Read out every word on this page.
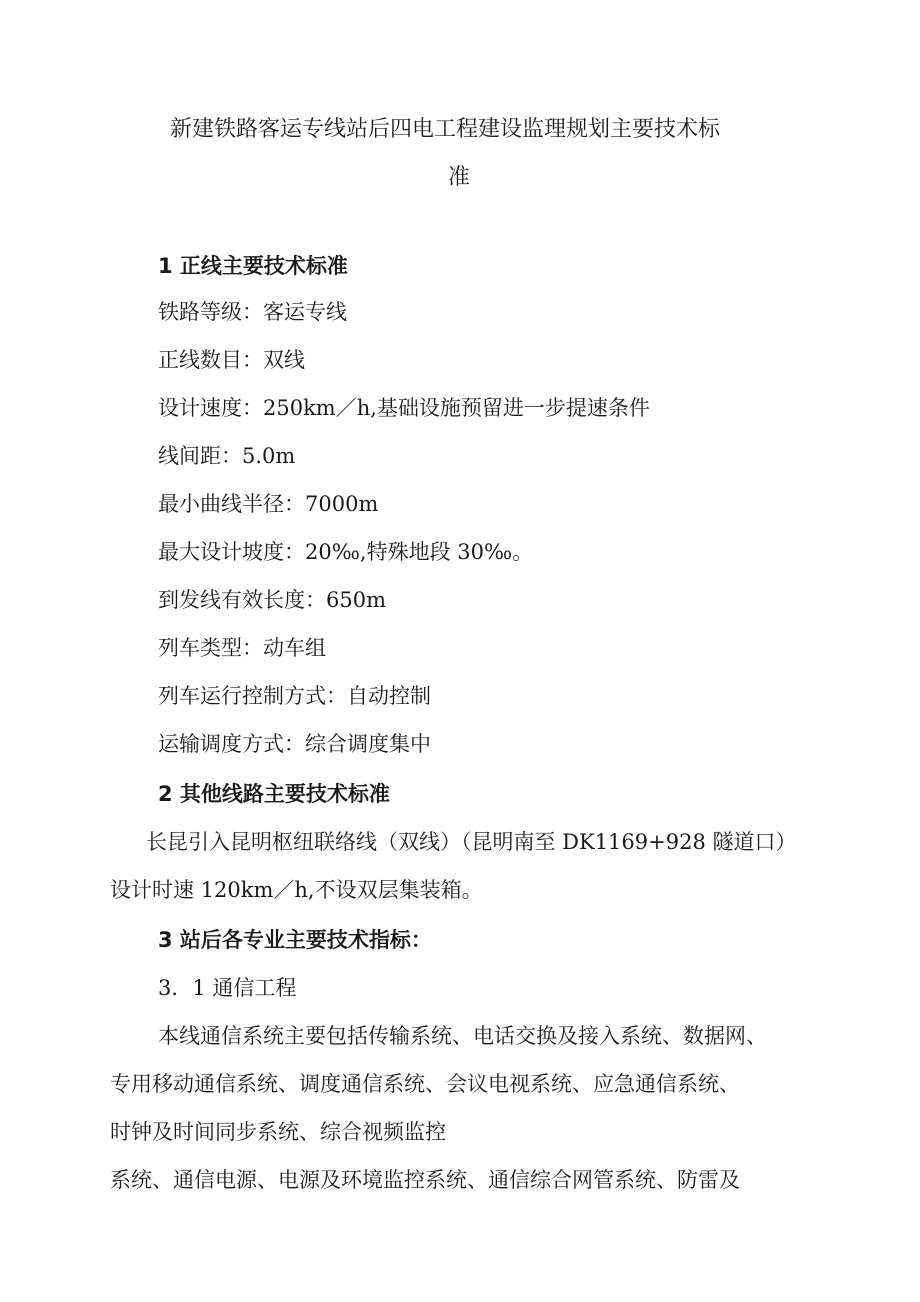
新建铁路客运专线站后四电工程建设监理规划主要技术标
准
1 正线主要技术标准
铁路等级：客运专线
正线数目：双线
设计速度：250km／h,基础设施预留进一步提速条件
线间距：5.0m
最小曲线半径：7000m
最大设计坡度：20‰,特殊地段 30‰。
到发线有效长度：650m
列车类型：动车组
列车运行控制方式：自动控制
运输调度方式：综合调度集中
2 其他线路主要技术标准
长昆引入昆明枢纽联络线（双线）（昆明南至 DK1169+928 隧道口）
设计时速 120km／h,不设双层集装箱。
3 站后各专业主要技术指标：
3．1 通信工程
本线通信系统主要包括传输系统、电话交换及接入系统、数据网、
专用移动通信系统、调度通信系统、会议电视系统、应急通信系统、
时钟及时间同步系统、综合视频监控
系统、通信电源、电源及环境监控系统、通信综合网管系统、防雷及
